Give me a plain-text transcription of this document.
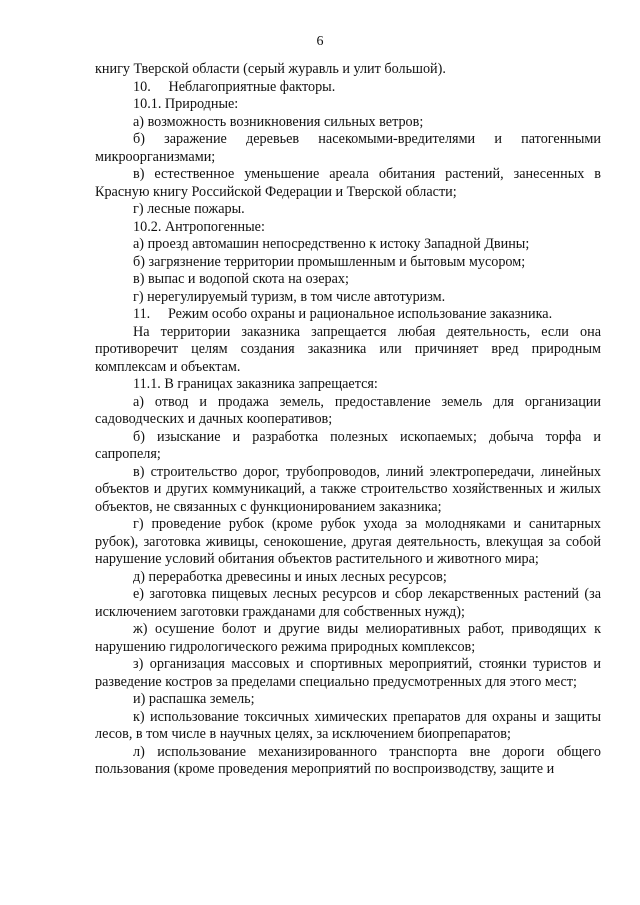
6

книгу Тверской области (серый журавль и улит большой).

10.     Неблагоприятные факторы.

10.1. Природные:

а) возможность возникновения сильных ветров;

б) заражение деревьев насекомыми-вредителями и патогенными микроорганизмами;

в) естественное уменьшение ареала обитания растений, занесенных в Красную книгу Российской Федерации и Тверской области;

г) лесные пожары.

10.2. Антропогенные:

а) проезд автомашин непосредственно к истоку Западной Двины;

б) загрязнение территории промышленным и бытовым мусором;

в) выпас и водопой скота на озерах;

г) нерегулируемый туризм, в том числе автотуризм.

11.     Режим особо охраны и рациональное использование заказника.

На территории заказника запрещается любая деятельность, если она противоречит целям создания заказника или причиняет вред природным комплексам и объектам.

11.1. В границах заказника запрещается:

а) отвод и продажа земель, предоставление земель для организации садоводческих и дачных кооперативов;

б) изыскание и разработка полезных ископаемых; добыча торфа и сапропеля;

в) строительство дорог, трубопроводов, линий электропередачи, линейных объектов и других коммуникаций, а также строительство хозяйственных и жилых объектов, не связанных с функционированием заказника;

г) проведение рубок (кроме рубок ухода за молодняками и санитарных рубок), заготовка живицы, сенокошение, другая деятельность, влекущая за собой нарушение условий обитания объектов растительного и животного мира;

д) переработка древесины и иных лесных ресурсов;

е) заготовка пищевых лесных ресурсов и сбор лекарственных растений (за исключением заготовки гражданами для собственных нужд);

ж) осушение болот и другие виды мелиоративных работ, приводящих к нарушению гидрологического режима природных комплексов;

з) организация массовых и спортивных мероприятий, стоянки туристов и разведение костров за пределами специально предусмотренных для этого мест;

и) распашка земель;

к) использование токсичных химических препаратов для охраны и защиты лесов, в том числе в научных целях, за исключением биопрепаратов;

л) использование механизированного транспорта вне дороги общего пользования (кроме проведения мероприятий по воспроизводству, защите и
